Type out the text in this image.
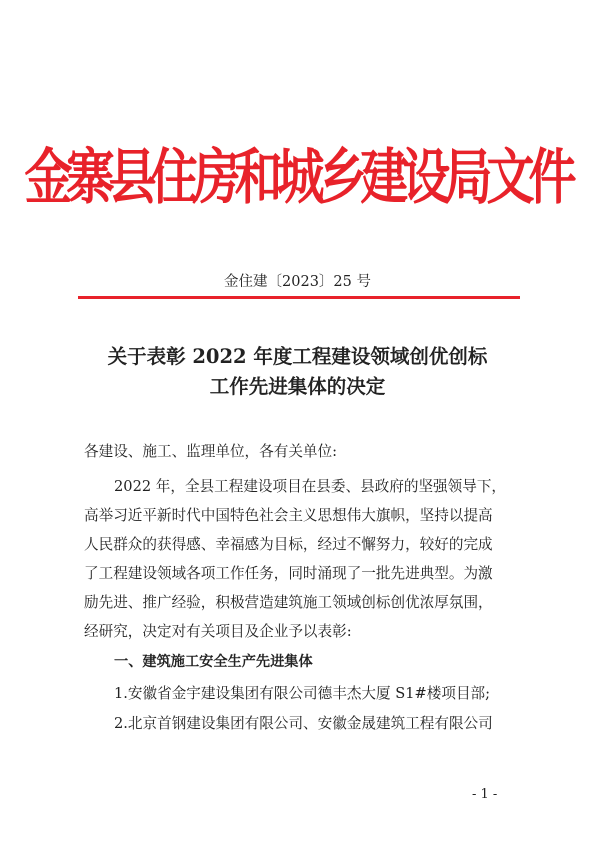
金寨县住房和城乡建设局文件
金住建〔2023〕25 号
关于表彰 2022 年度工程建设领域创优创标
工作先进集体的决定
各建设、施工、监理单位，各有关单位:
2022 年，全县工程建设项目在县委、县政府的坚强领导下，
高举习近平新时代中国特色社会主义思想伟大旗帜，坚持以提高
人民群众的获得感、幸福感为目标，经过不懈努力，较好的完成
了工程建设领域各项工作任务，同时涌现了一批先进典型。为激
励先进、推广经验，积极营造建筑施工领域创标创优浓厚氛围，
经研究，决定对有关项目及企业予以表彰:
一、建筑施工安全生产先进集体
1.安徽省金宇建设集团有限公司德丰杰大厦 S1#楼项目部;
2.北京首钢建设集团有限公司、安徽金晟建筑工程有限公司
- 1 -
